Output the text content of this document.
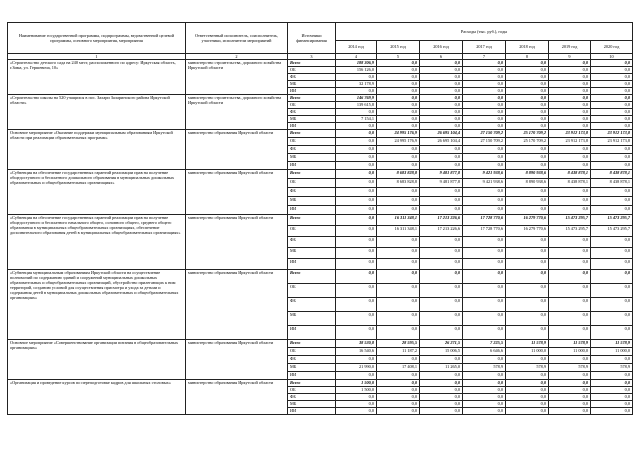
Наименование государственной программы, подпрограммы, ведомственной целевой программы, основного мероприятия, мероприятия	Ответственный исполнитель, соисполнитель, участники, исполнители мероприятий	Источники финансирования	Расходы (тыс. руб.), годы						
			2014 год	2015 год	2016 год	2017 год	2018 год	2019 год	2020 год
1	2	3	4	5	6	7	8	9	10
«Строительство детского сада на 240 мест, расположенного по адресу: Иркутская область, г.Зима, ул. Гершевича, 10»	министерство строительства, дорожного хозяйства Иркутской области	Всего	188 306,9	0,0	0,0	0,0	0,0	0,0	0,0
		ОБ	156 126,0	0,0	0,0	0,0	0,0	0,0	0,0
		ФБ	0,0	0,0	0,0	0,0	0,0	0,0	0,0
		МБ	32 178,9	0,0	0,0	0,0	0,0	0,0	0,0
		ИИ	0,0	0,0	0,0	0,0	0,0	0,0	0,0
«Строительство школы на 520 учащихся в пос. Залари Заларинского района Иркутской области»	министерство строительства, дорожного хозяйства Иркутской области	Всего	146 769,9	0,0	0,0	0,0	0,0	0,0	0,0
		ОБ	139 615,8	0,0	0,0	0,0	0,0	0,0	0,0
		ФБ	0,0	0,0	0,0	0,0	0,0	0,0	0,0
		МБ	7 154,1	0,0	0,0	0,0	0,0	0,0	0,0
		ИИ	0,0	0,0	0,0	0,0	0,0	0,0	0,0
Основное мероприятие «Оказание поддержки муниципальным образованиям Иркутской области при реализации образовательных программ»	министерство образования Иркутской области	Всего	0,0	24 995 176,9	26 695 104,4	27 150 709,2	25 170 709,2	23 912 173,8	23 912 173,8
		ОБ	0,0	24 995 176,9	26 695 104,4	27 150 709,2	25 170 709,2	23 912 173,8	23 912 173,8
		ФБ	0,0	0,0	0,0	0,0	0,0	0,0	0,0
		МБ	0,0	0,0	0,0	0,0	0,0	0,0	0,0
		ИИ	0,0	0,0	0,0	0,0	0,0	0,0	0,0
«Субвенция на обеспечение государственных гарантий реализации прав на получение общедоступного и бесплатного дошкольного образования в муниципальных дошкольных образовательных и общеобразовательных организациях»	министерство образования Иркутской области	Всего	0,0	8 683 828,8	9 481 877,8	9 421 938,6	8 890 938,6	8 438 878,1	8 438 878,1
		ОБ	0,0	8 683 828,8	9 481 877,8	9 421 938,6	8 890 938,6	8 438 878,1	8 438 878,1
		ФБ	0,0	0,0	0,0	0,0	0,0	0,0	0,0
		МБ	0,0	0,0	0,0	0,0	0,0	0,0	0,0
		ИИ	0,0	0,0	0,0	0,0	0,0	0,0	0,0
«Субвенция на обеспечение государственных гарантий реализации прав на получение общедоступного и бесплатного начального общего, основного общего, среднего общего образования в муниципальных общеобразовательных организациях, обеспечение дополнительного образования детей в муниципальных общеобразовательных организациях»	министерство образования Иркутской области	Всего	0,0	16 311 348,1	17 213 226,6	17 728 770,6	16 279 770,6	15 473 295,7	15 473 295,7
		ОБ	0,0	16 311 348,1	17 213 226,6	17 728 770,6	16 279 770,6	15 473 295,7	15 473 295,7
		ФБ	0,0	0,0	0,0	0,0	0,0	0,0	0,0
		МБ	0,0	0,0	0,0	0,0	0,0	0,0	0,0
		ИИ	0,0	0,0	0,0	0,0	0,0	0,0	0,0
«Субвенция муниципальным образованиям Иркутской области на осуществление полномочий по содержанию зданий и сооружений муниципальных дошкольных образовательных и общеобразовательных организаций, обустройство прилегающих к ним территорий, созданию условий для осуществления присмотра и ухода за детьми и содержания детей в муниципальных дошкольных образовательных и общеобразовательных организациях»	министерство образования Иркутской области	Всего	0,0	0,0	0,0	0,0	0,0	0,0	0,0
		ОБ	0,0	0,0	0,0	0,0	0,0	0,0	0,0
		ФБ	0,0	0,0	0,0	0,0	0,0	0,0	0,0
		МБ	0,0	0,0	0,0	0,0	0,0	0,0	0,0
		ИИ	0,0	0,0	0,0	0,0	0,0	0,0	0,0
Основное мероприятие «Совершенствование организации питания в общеобразовательных организациях»	министерство образования Иркутской области	Всего	38 530,8	28 595,5	26 271,5	7 225,5	11 578,9	11 578,9	11 578,9
		ОБ	16 540,6	11 187,2	15 006,5	6 646,6	11 000,0	11 000,0	11 000,0
		ФБ	0,0	0,0	0,0	0,0	0,0	0,0	0,0
		МБ	21 990,0	17 408,1	11 265,0	578,9	578,9	578,9	578,9
		ИИ	0,0	0,0	0,0	0,0	0,0	0,0	0,0
«Организация и проведение курсов по переподготовке кадров для школьных столовых»	министерство образования Иркутской области	Всего	1 500,0	0,0	0,0	0,0	0,0	0,0	0,0
		ОБ	1 500,0	0,0	0,0	0,0	0,0	0,0	0,0
		ФБ	0,0	0,0	0,0	0,0	0,0	0,0	0,0
		МБ	0,0	0,0	0,0	0,0	0,0	0,0	0,0
		ИИ	0,0	0,0	0,0	0,0	0,0	0,0	0,0
